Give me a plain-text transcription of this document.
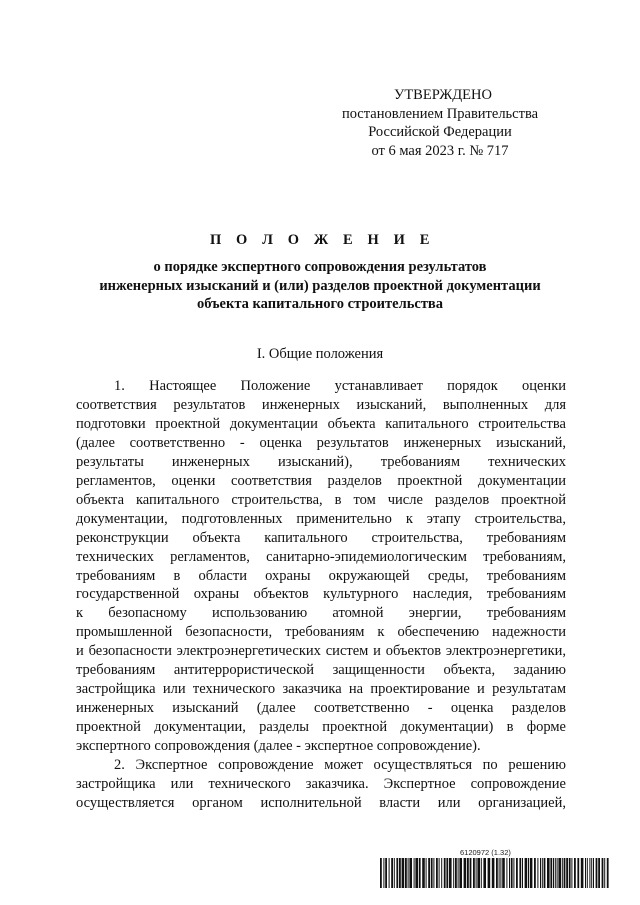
УТВЕРЖДЕНО
постановлением Правительства
Российской Федерации
от 6 мая 2023 г. № 717
П О Л О Ж Е Н И Е
о порядке экспертного сопровождения результатов
инженерных изысканий и (или) разделов проектной документации
объекта капитального строительства
I. Общие положения

1. Настоящее Положение устанавливает порядок оценки

соответствия результатов инженерных изысканий, выполненных для

подготовки проектной документации объекта капитального строительства

(далее соответственно - оценка результатов инженерных изысканий,

результаты инженерных изысканий), требованиям технических

регламентов, оценки соответствия разделов проектной документации

объекта капитального строительства, в том числе разделов проектной

документации, подготовленных применительно к этапу строительства,

реконструкции объекта капитального строительства, требованиям

технических регламентов, санитарно-эпидемиологическим требованиям,

требованиям в области охраны окружающей среды, требованиям

государственной охраны объектов культурного наследия, требованиям

к безопасному использованию атомной энергии, требованиям

промышленной безопасности, требованиям к обеспечению надежности

и безопасности электроэнергетических систем и объектов электроэнергетики,

требованиям антитеррористической защищенности объекта, заданию

застройщика или технического заказчика на проектирование и результатам

инженерных изысканий (далее соответственно - оценка разделов

проектной документации, разделы проектной документации) в форме

экспертного сопровождения (далее - экспертное сопровождение).

2. Экспертное сопровождение может осуществляться по решению

застройщика или технического заказчика. Экспертное сопровождение

осуществляется органом исполнительной власти или организацией,

6120972 (1.32)
